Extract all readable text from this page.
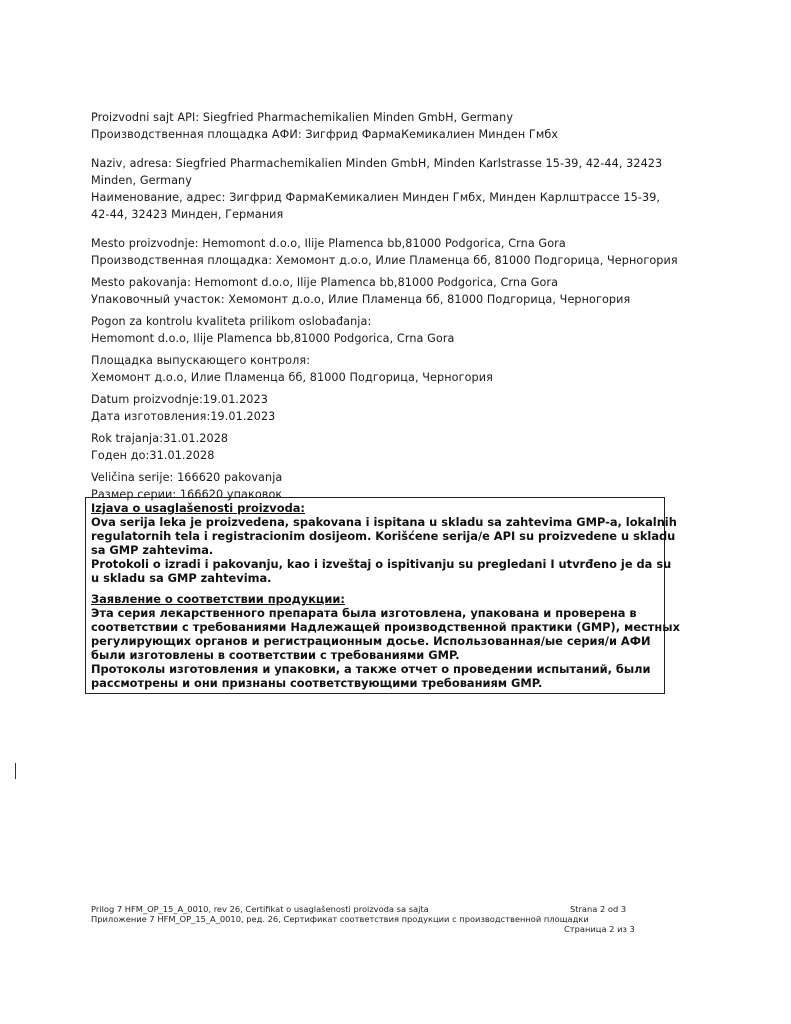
Proizvodni sajt API: Siegfried Pharmachemikalien Minden GmbH, Germany
Производственная площадка АФИ: Зигфрид ФармаКемикалиен Минден Гмбх
Naziv, adresa: Siegfried Pharmachemikalien Minden GmbH, Minden Karlstrasse 15-39, 42-44, 32423
Minden, Germany
Наименование, адрес: Зигфрид ФармаКемикалиен Минден Гмбх, Минден Карлштрассе 15-39,
42-44, 32423 Минден, Германия
Mesto proizvodnje: Hemomont d.o.o, Ilije Plamenca bb,81000 Podgorica, Crna Gora
Производственная площадка: Хемомонт д.о.о, Илие Пламенца бб, 81000 Подгорица, Черногория
Mesto pakovanja: Hemomont d.o.o, Ilije Plamenca bb,81000 Podgorica, Crna Gora
Упаковочный участок: Хемомонт д.о.о, Илие Пламенца бб, 81000 Подгорица, Черногория
Pogon za kontrolu kvaliteta prilikom oslobađanja:
Hemomont d.o.o, Ilije Plamenca bb,81000 Podgorica, Crna Gora
Площадка выпускающего контроля:
Хемомонт д.о.о, Илие Пламенца бб, 81000 Подгорица, Черногория
Datum proizvodnje:19.01.2023
Дата изготовления:19.01.2023
Rok trajanja:31.01.2028
Годен до:31.01.2028
Veličina serije: 166620 pakovanja
Размер серии: 166620 упаковок
Izjava o usaglašenosti proizvoda:
Ova serija leka je proizvedena, spakovana i ispitana u skladu sa zahtevima GMP-a, lokalnih
regulatornih tela i registracionim dosijeom. Korišćene serija/e API su proizvedene u skladu
sa GMP zahtevima.
Protokoli o izradi i pakovanju, kao i izveštaj o ispitivanju su pregledani I utvrđeno je da su
u skladu sa GMP zahtevima.
Заявление о соответствии продукции:
Эта серия лекарственного препарата была изготовлена, упакована и проверена в
соответствии с требованиями Надлежащей производственной практики (GMP), местных
регулирующих органов и регистрационным досье. Использованная/ые серия/и АФИ
были изготовлены в соответствии с требованиями GMP.
Протоколы изготовления и упаковки, а также отчет о проведении испытаний, были
рассмотрены и они признаны соответствующими требованиям GMP.
Prilog 7 HFM_OP_15_A_0010, rev 26, Certifikat o usaglašenosti proizvoda sa sajta
Приложение 7 HFM_OP_15_A_0010, ред. 26, Сертификат соответствия продукции с производственной площадки
Strana 2 od 3
Страница 2 из 3
